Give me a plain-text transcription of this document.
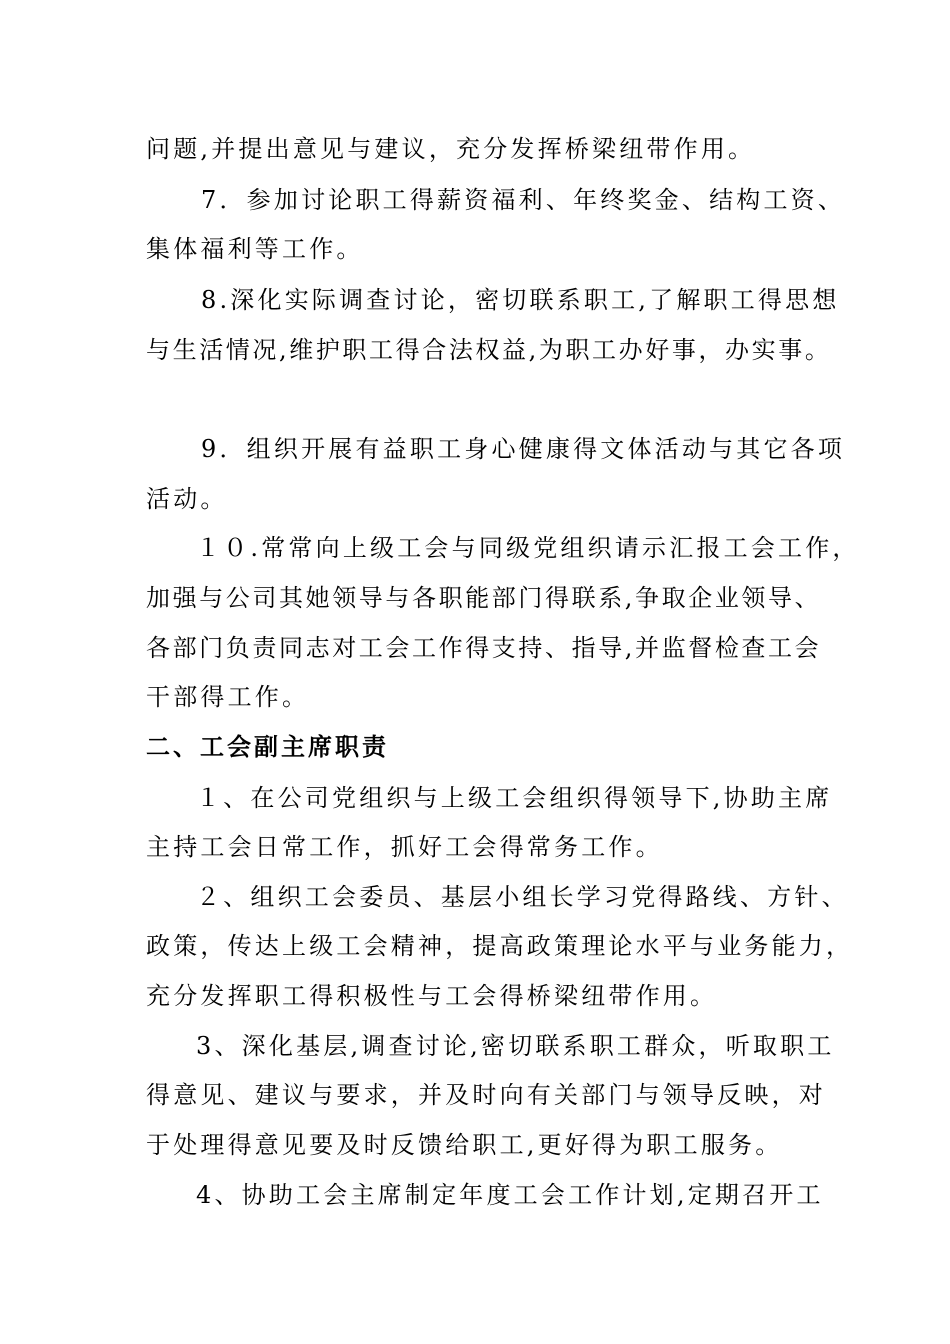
问题,并提出意见与建议，充分发挥桥梁纽带作用。
7．参加讨论职工得薪资福利、年终奖金、结构工资、
集体福利等工作。
8.深化实际调查讨论，密切联系职工,了解职工得思想
与生活情况,维护职工得合法权益,为职工办好事，办实事。
9．组织开展有益职工身心健康得文体活动与其它各项
活动。
１０.常常向上级工会与同级党组织请示汇报工会工作，
加强与公司其她领导与各职能部门得联系,争取企业领导、
各部门负责同志对工会工作得支持、指导,并监督检查工会
干部得工作。
二、工会副主席职责
１、在公司党组织与上级工会组织得领导下,协助主席
主持工会日常工作，抓好工会得常务工作。
２、组织工会委员、基层小组长学习党得路线、方针、
政策，传达上级工会精神，提高政策理论水平与业务能力，
充分发挥职工得积极性与工会得桥梁纽带作用。
3、深化基层,调查讨论,密切联系职工群众，听取职工
得意见、建议与要求，并及时向有关部门与领导反映，对
于处理得意见要及时反馈给职工,更好得为职工服务。
4、协助工会主席制定年度工会工作计划,定期召开工
